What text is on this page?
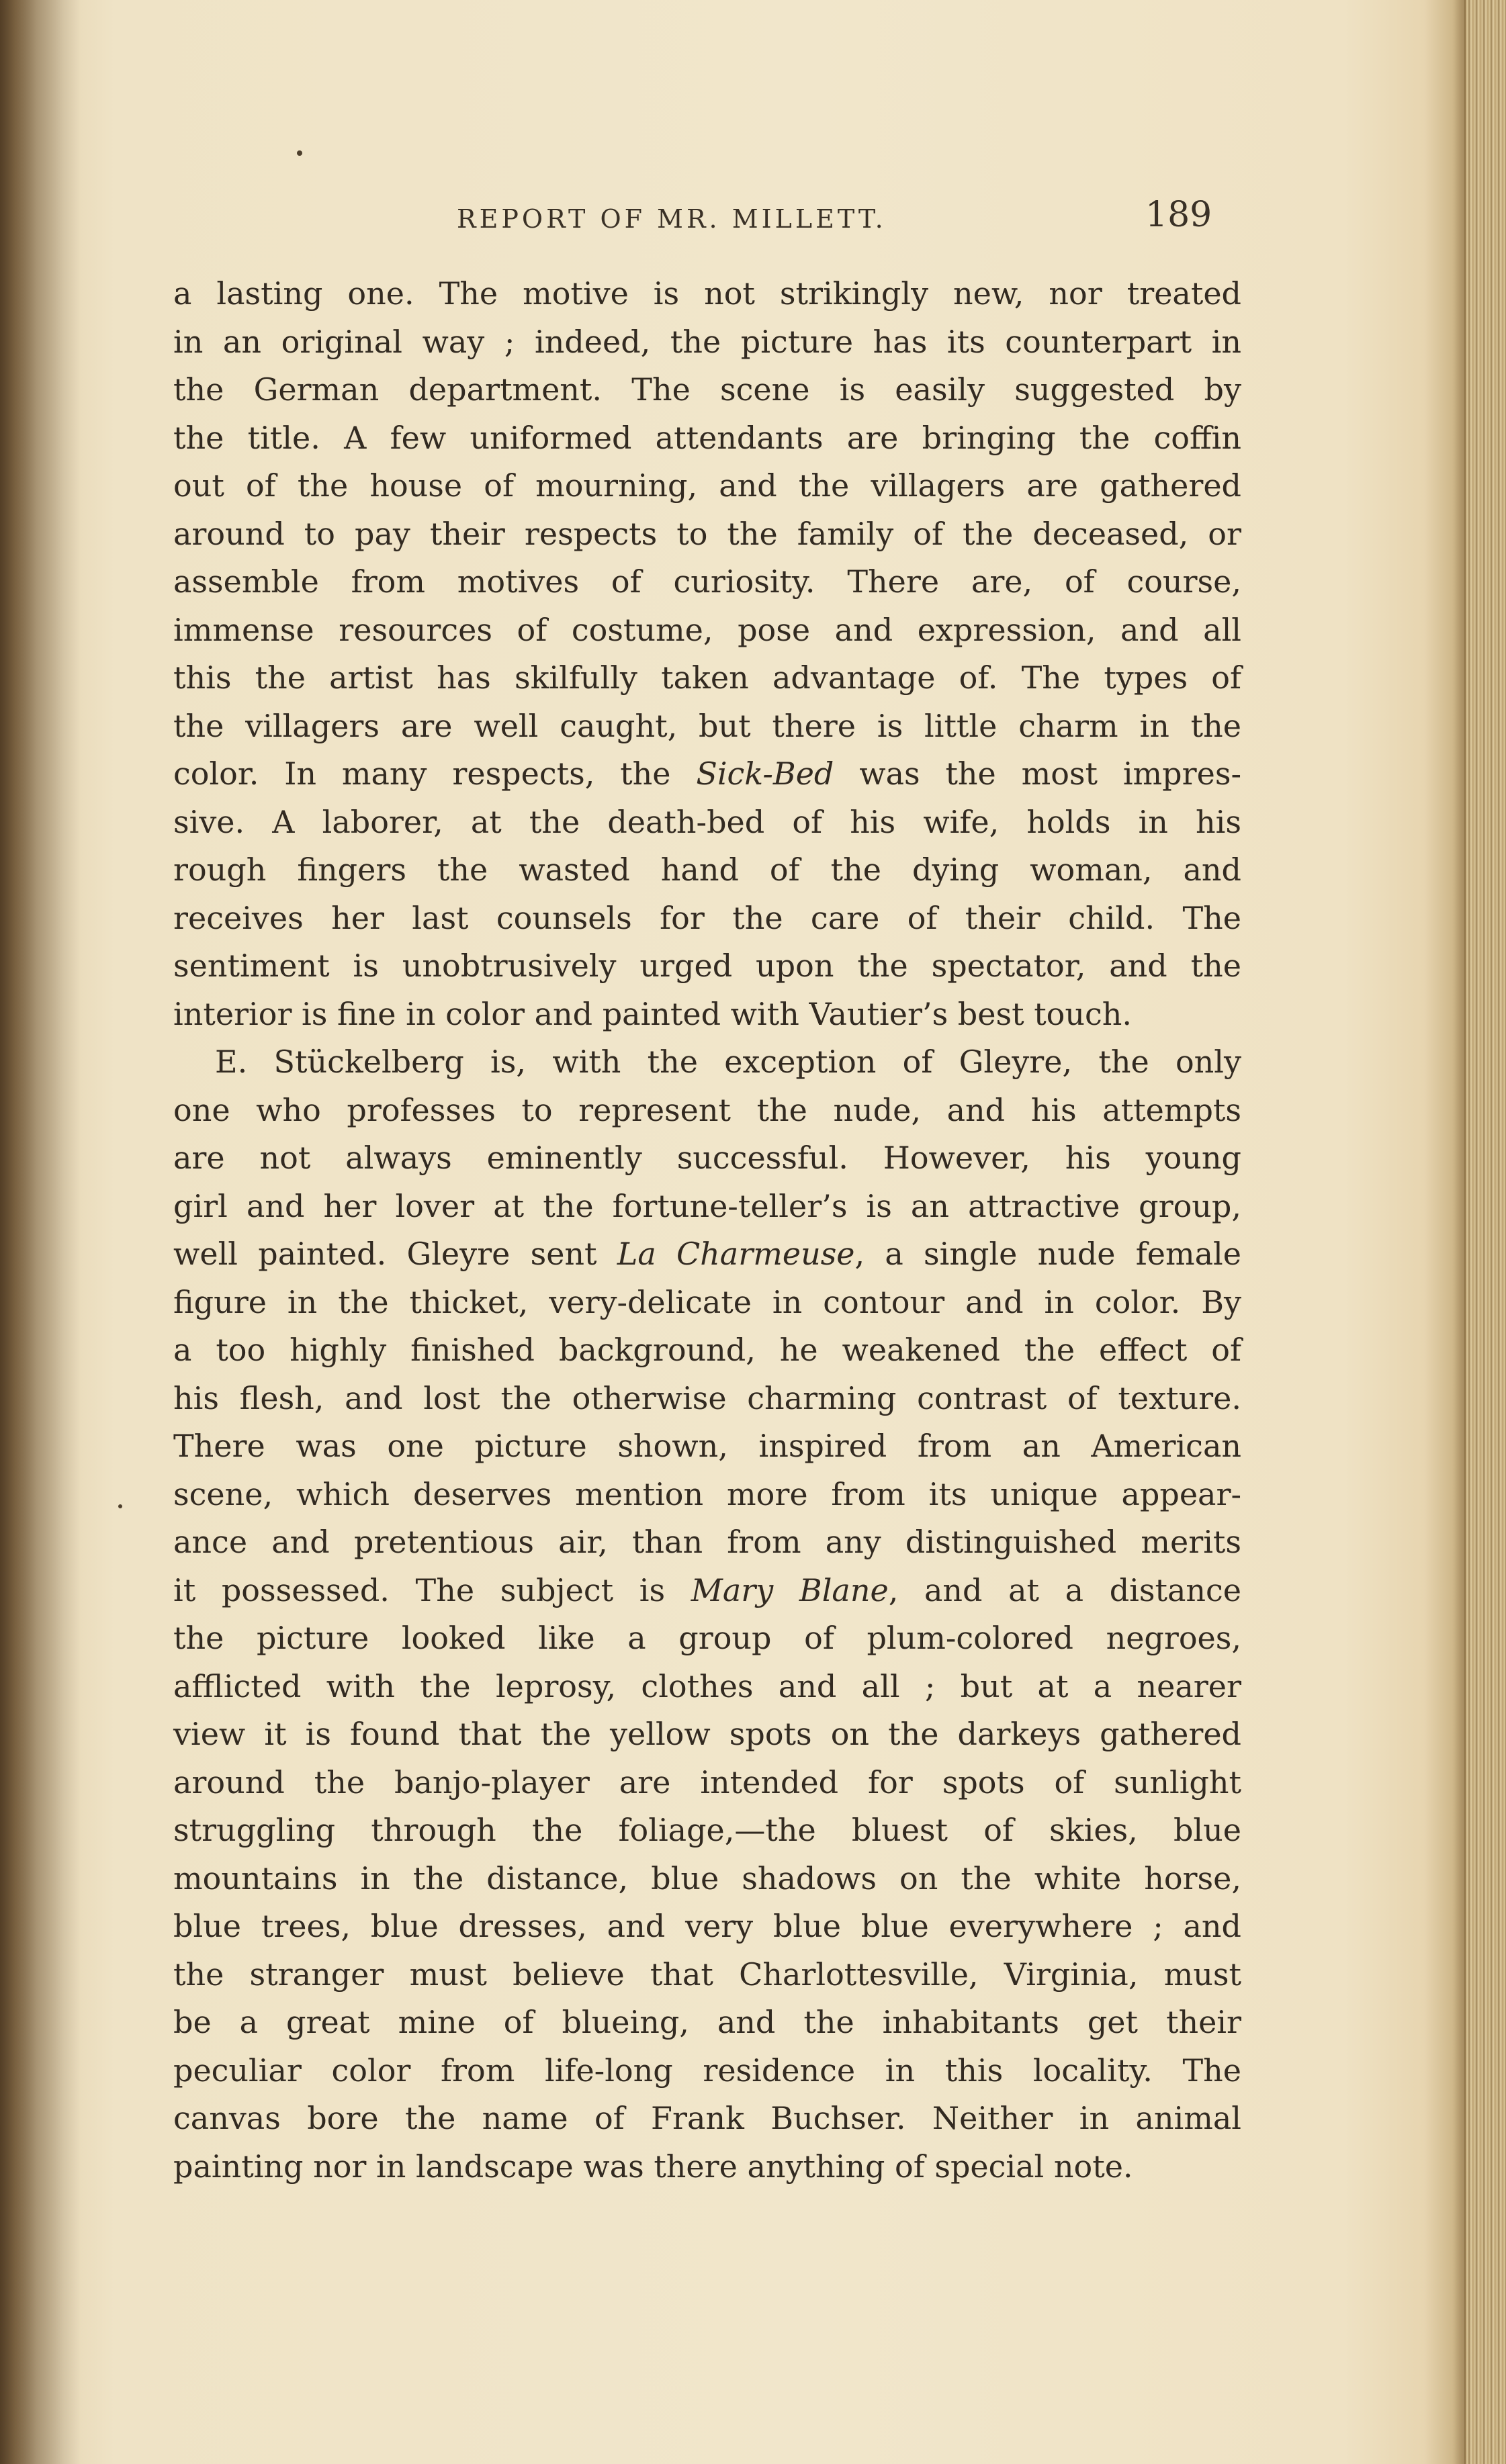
REPORT OF MR. MILLETT.	189
a lasting one. The motive is not strikingly new, nor treated
in an original way ; indeed, the picture has its counterpart in
the German department. The scene is easily suggested by
the title. A few uniformed attendants are bringing the coffin
out of the house of mourning, and the villagers are gathered
around to pay their respects to the family of the deceased, or
assemble from motives of curiosity. There are, of course,
immense resources of costume, pose and expression, and all
this the artist has skilfully taken advantage of. The types of
the villagers are well caught, but there is little charm in the
color. In many respects, the Sick-Bed was the most impres-
sive. A laborer, at the death-bed of his wife, holds in his
rough fingers the wasted hand of the dying woman, and
receives her last counsels for the care of their child. The
sentiment is unobtrusively urged upon the spectator, and the
interior is fine in color and painted with Vautier’s best touch.
E. Stückelberg is, with the exception of Gleyre, the only
one who professes to represent the nude, and his attempts
are not always eminently successful. However, his young
girl and her lover at the fortune-teller’s is an attractive group,
well painted. Gleyre sent La Charmeuse, a single nude female
figure in the thicket, very-delicate in contour and in color. By
a too highly finished background, he weakened the effect of
his flesh, and lost the otherwise charming contrast of texture.
There was one picture shown, inspired from an American
scene, which deserves mention more from its unique appear-
ance and pretentious air, than from any distinguished merits
it possessed. The subject is Mary Blane, and at a distance
the picture looked like a group of plum-colored negroes,
afflicted with the leprosy, clothes and all ; but at a nearer
view it is found that the yellow spots on the darkeys gathered
around the banjo-player are intended for spots of sunlight
struggling through the foliage,—the bluest of skies, blue
mountains in the distance, blue shadows on the white horse,
blue trees, blue dresses, and very blue blue everywhere ; and
the stranger must believe that Charlottesville, Virginia, must
be a great mine of blueing, and the inhabitants get their
peculiar color from life-long residence in this locality. The
canvas bore the name of Frank Buchser. Neither in animal
painting nor in landscape was there anything of special note.
